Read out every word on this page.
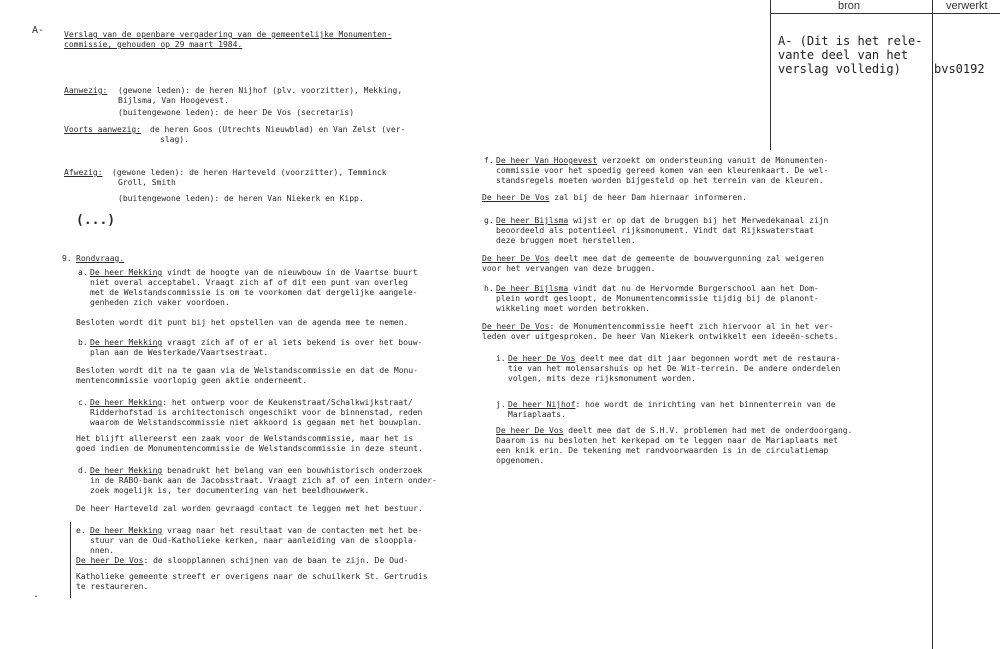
A-
bron	verwerkt
A- (Dit is het rele-
vante deel van het
verslag volledig)	bvs0192
Verslag van de openbare vergadering van de gemeentelijke Monumenten-
commissie, gehouden op 29 maart 1984.
Aanwezig: (gewone leden): de heren Nijhof (plv. voorzitter), Mekking,
Bijlsma, Van Hoogevest.
(buitengewone leden): de heer De Vos (secretaris)
Voorts aanwezig: de heren Goos (Utrechts Nieuwblad) en Van Zelst (ver-
slag).
Afwezig: (gewone leden): de heren Harteveld (voorzitter), Temminck
Groll, Smith
(buitengewone leden): de heren Van Niekerk en Kipp.
(...)
9. Rondvraag.
a. De heer Mekking vindt de hoogte van de nieuwbouw in de Vaartse buurt
niet overal acceptabel. Vraagt zich af of dit een punt van overleg
met de Welstandscommissie is om te voorkomen dat dergelijke aangele-
genheden zich vaker voordoen.
Besloten wordt dit punt bij het opstellen van de agenda mee te nemen.
b. De heer Mekking vraagt zich af of er al iets bekend is over het bouw-
plan aan de Westerkade/Vaartsestraat.
Besloten wordt dit na te gaan via de Welstandscommissie en dat de Monu-
mentencommissie voorlopig geen aktie onderneemt.
c. De heer Mekking: het ontwerp voor de Keukenstraat/Schalkwijkstraat/
Ridderhofstad is architectonisch ongeschikt voor de binnenstad, reden
waarom de Welstandscommissie niet akkoord is gegaan met het bouwplan.
Het blijft allereerst een zaak voor de Welstandscommissie, maar het is
goed indien de Monumentencommissie de Welstandscommissie in deze steunt.
d. De heer Mekking benadrukt het belang van een bouwhistorisch onderzoek
in de RABO-bank aan de Jacobsstraat. Vraagt zich af of een intern onder-
zoek mogelijk is, ter documentering van het beeldhouwwerk.
De heer Harteveld zal worden gevraagd contact te leggen met het bestuur.
e. De heer Mekking vraag naar het resultaat van de contacten met het be-
stuur van de Oud-Katholieke kerken, naar aanleiding van de slooppla-
nnen.
De heer De Vos: de sloopplannen schijnen van de baan te zijn. De Oud-
Katholieke gemeente streeft er overigens naar de schuilkerk St. Gertrudis
te restaureren.
.
f. De heer Van Hoogevest verzoekt om ondersteuning vanuit de Monumenten-
commissie voor het spoedig gereed komen van een kleurenkaart. De wel-
standsregels moeten worden bijgesteld op het terrein van de kleuren.
De heer De Vos zal bij de heer Dam hiernaar informeren.
g. De heer Bijlsma wijst er op dat de bruggen bij het Merwedekanaal zijn
beoordeeld als potentieel rijksmonument. Vindt dat Rijkswaterstaat
deze bruggen moet herstellen.
De heer De Vos deelt mee dat de gemeente de bouwvergunning zal weigeren
voor het vervangen van deze bruggen.
h. De heer Bijlsma vindt dat nu de Hervormde Burgerschool aan het Dom-
plein wordt gesloopt, de Monumentencommissie tijdig bij de planont-
wikkeling moet worden betrokken.
De heer De Vos: de Monumentencommissie heeft zich hiervoor al in het ver-
leden over uitgesproken. De heer Van Niekerk ontwikkelt een ideeën-schets.
i. De heer De Vos deelt mee dat dit jaar begonnen wordt met de restaura-
tie van het molensarshuis op het De Wit-terrein. De andere onderdelen
volgen, mits deze rijksmonument worden.
j. De heer Nijhof: hoe wordt de inrichting van het binnenterrein van de
Mariaplaats.
De heer De Vos deelt mee dat de S.H.V. problemen had met de onderdoorgang.
Daarom is nu besloten het kerkepad om te leggen naar de Mariaplaats met
een knik erin. De tekening met randvoorwaarden is in de circulatiemap
opgenomen.
